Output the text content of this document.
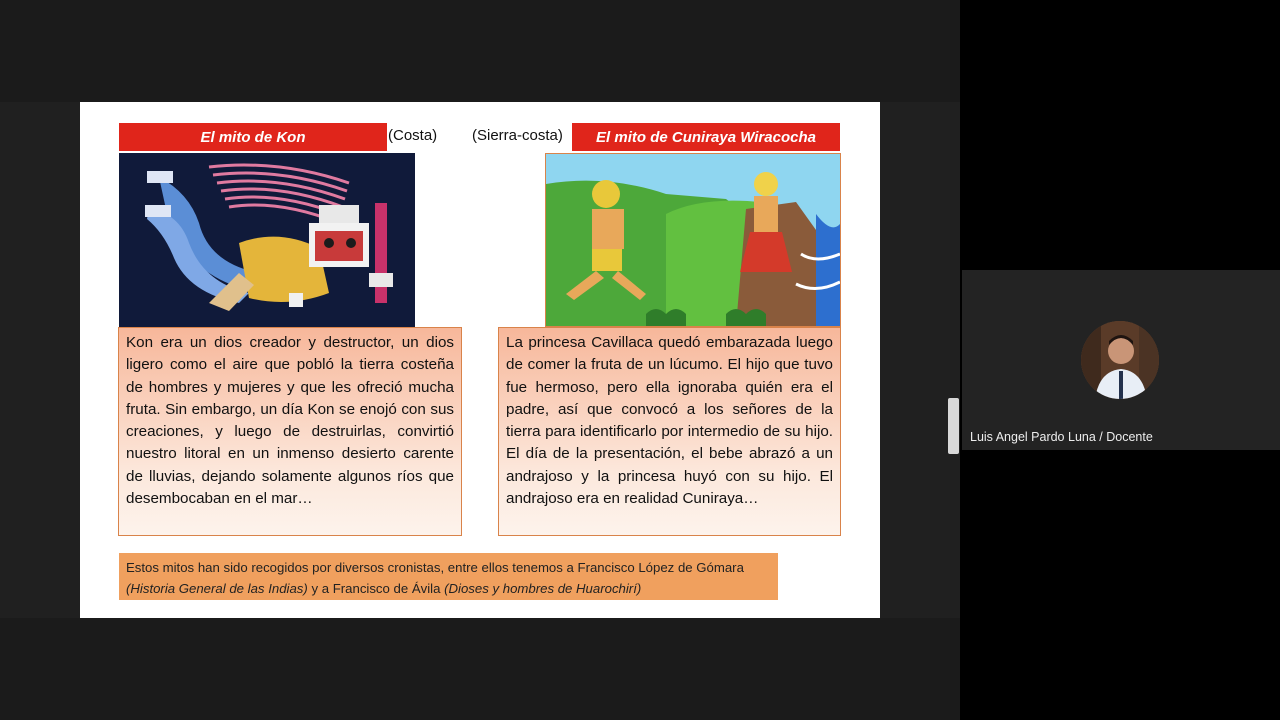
El mito de Kon	(Costa) (Sierra-costa)	El mito de Cuniraya Wiracocha
Kon era un dios creador y destructor, un dios ligero como el aire que pobló la tierra costeña de hombres y mujeres y que les ofreció mucha fruta. Sin embargo, un día Kon se enojó con sus creaciones, y luego de destruirlas, convirtió nuestro litoral en un inmenso desierto carente de lluvias, dejando solamente algunos ríos que desembocaban en el mar…
La princesa Cavillaca quedó embarazada luego de comer la fruta de un lúcumo. El hijo que tuvo fue hermoso, pero ella ignoraba quién era el padre, así que convocó a los señores de la tierra para identificarlo por intermedio de su hijo. El día de la presentación, el bebe abrazó a un andrajoso y la princesa huyó con su hijo. El andrajoso era en realidad Cuniraya…
Estos mitos han sido recogidos por diversos cronistas, entre ellos tenemos a Francisco López de Gómara (Historia General de las Indias) y a Francisco de Ávila (Dioses y hombres de Huarochirí)
Luis Angel Pardo Luna / Docente
